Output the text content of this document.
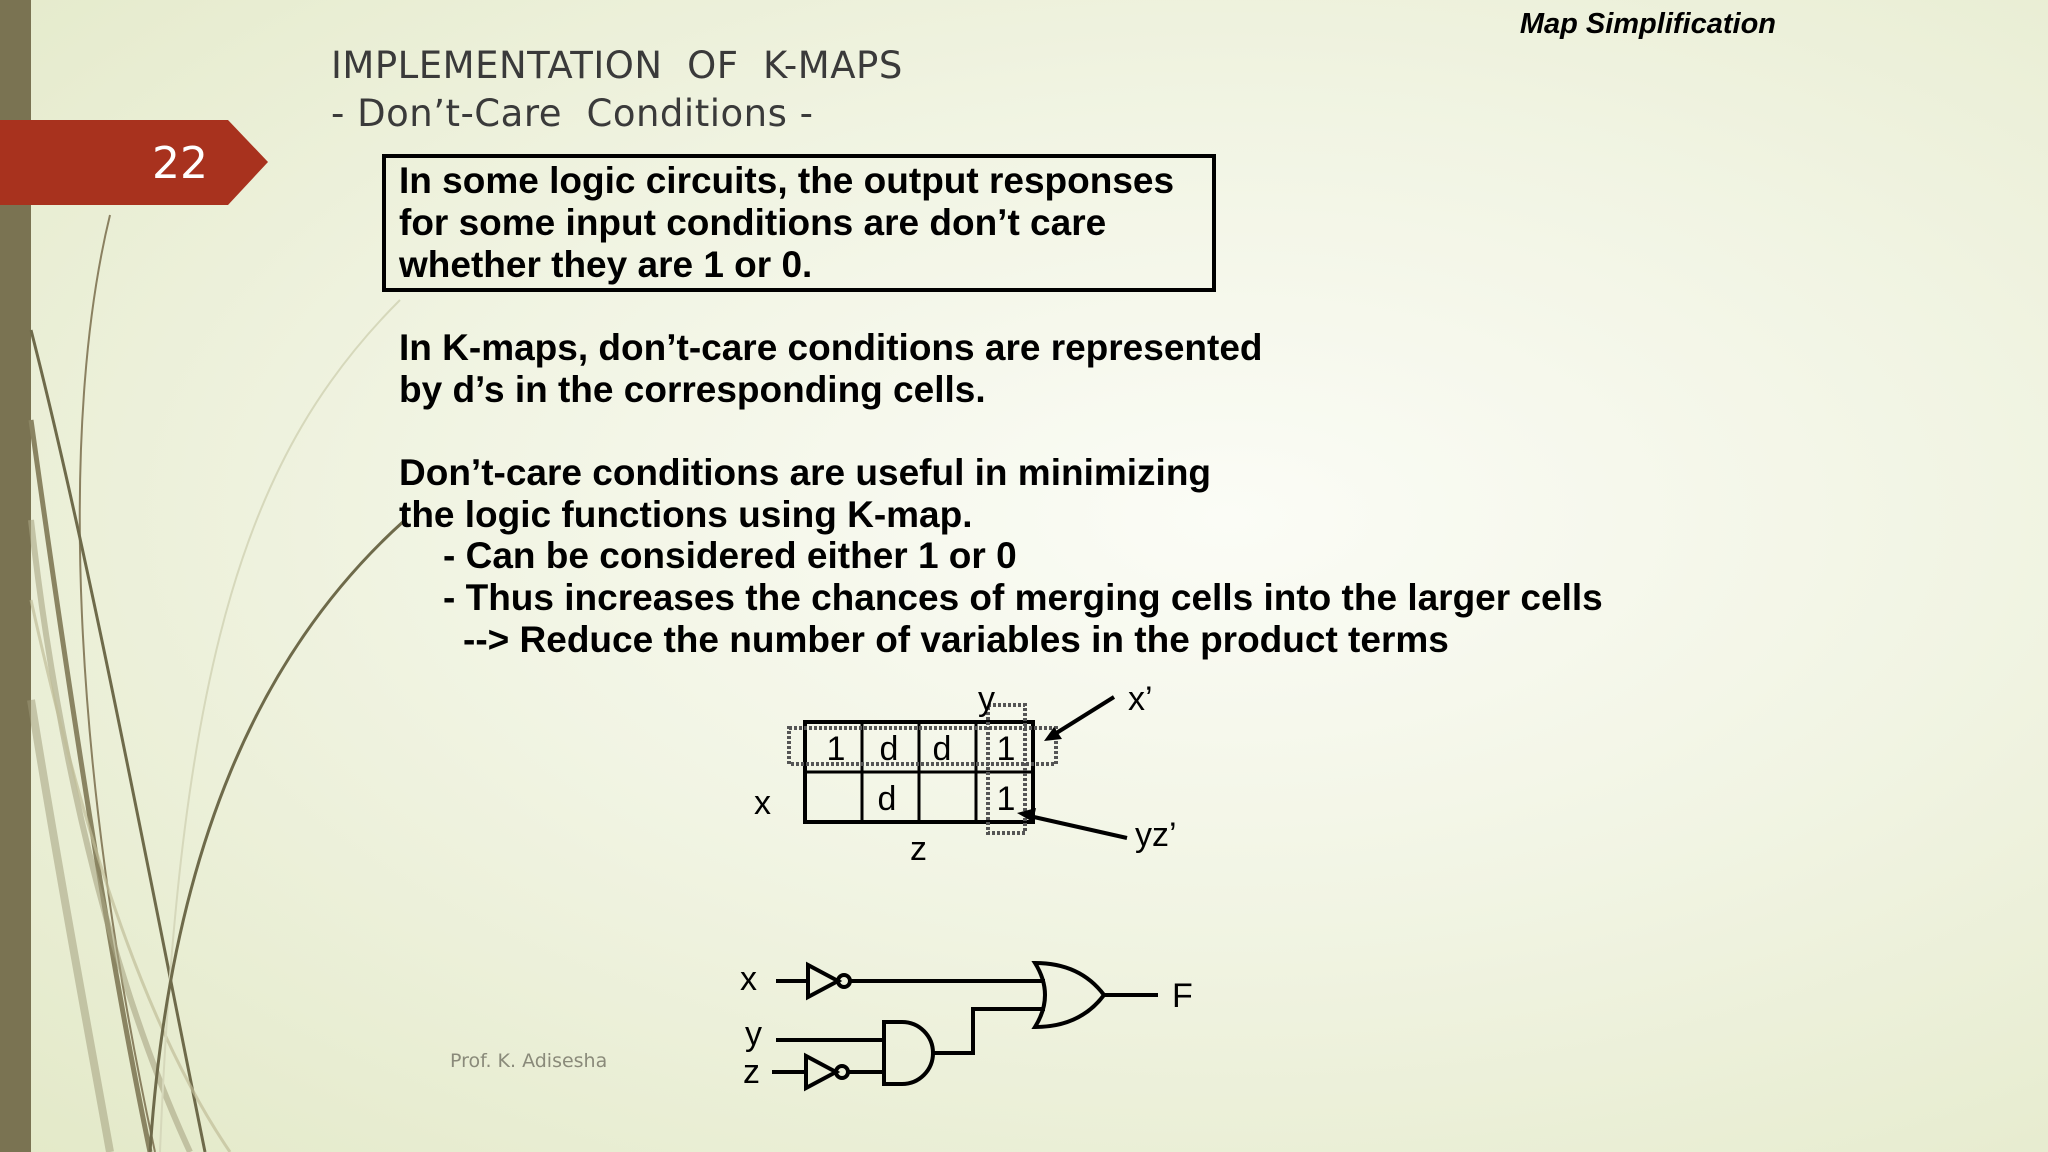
22
Map Simplification
IMPLEMENTATION  OF  K-MAPS
- Don’t-Care  Conditions -
In some logic circuits, the output responses
for some input conditions are don’t care
whether they are 1 or 0.
In K-maps, don’t-care conditions are represented
by d’s in the corresponding cells.
Don’t-care conditions are useful in minimizing
the logic functions using K-map.
- Can be considered either 1 or 0
- Thus increases the chances of merging cells into the larger cells
--> Reduce the number of variables in the product terms
1 d d 1
d	1
y
x
z
x’
yz’
x
y
z
F
Prof. K. Adisesha
